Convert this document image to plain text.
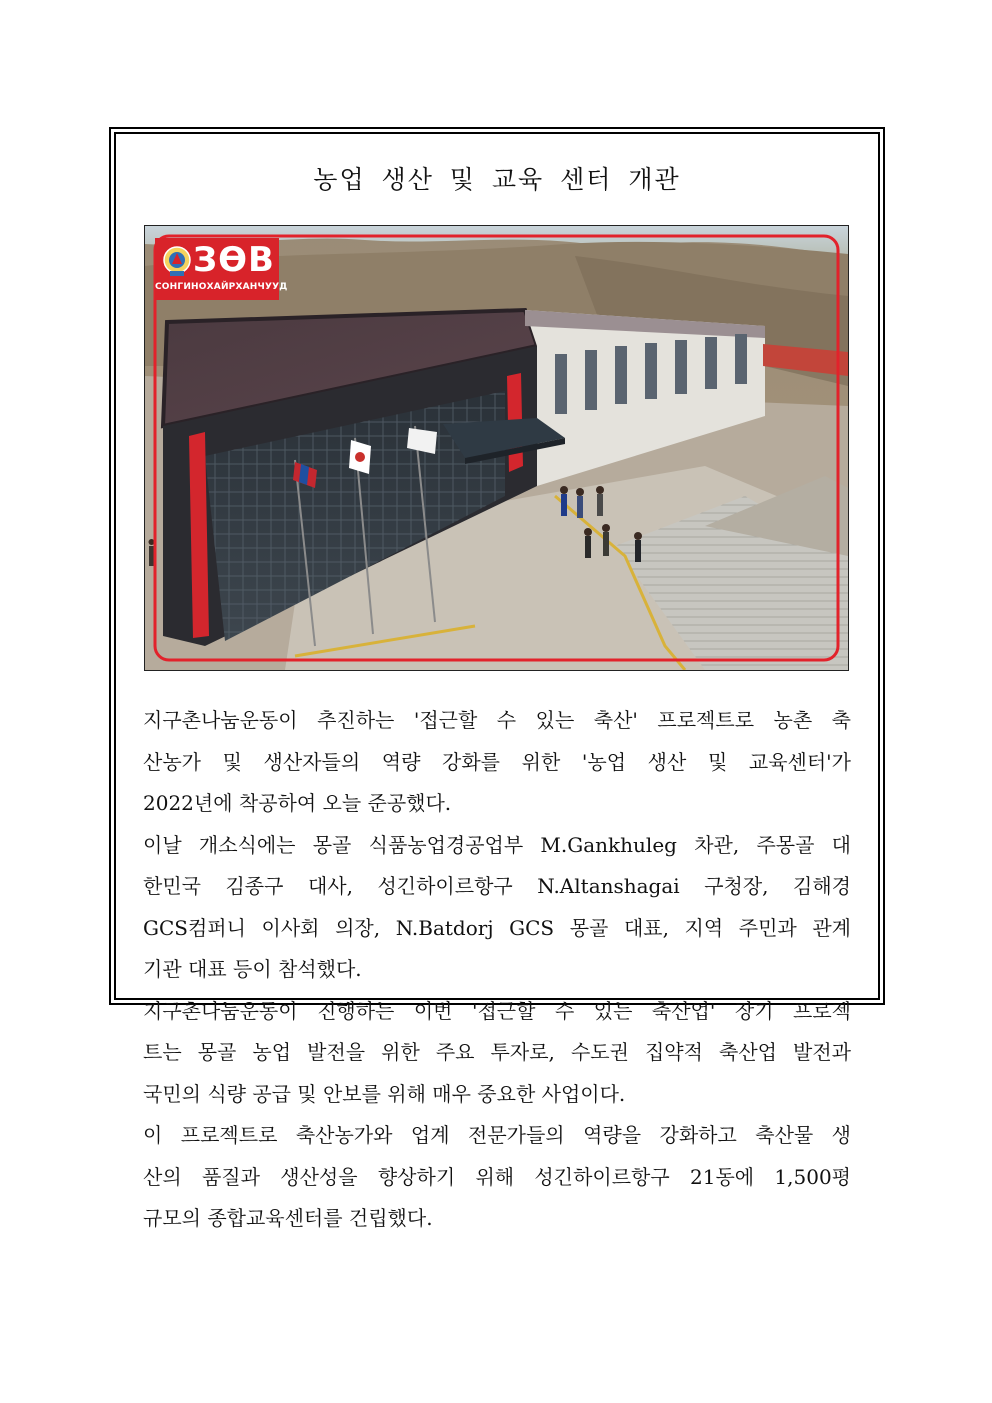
농업 생산 및 교육 센터 개관
ЗӨВ
СОНГИНОХАЙРХАНЧУУД

지구촌나눔운동이 추진하는 '접근할 수 있는 축산' 프로젝트로 농촌 축
산농가 및 생산자들의 역량 강화를 위한 '농업 생산 및 교육센터'가

2022년에 착공하여 오늘 준공했다.

이날 개소식에는 몽골 식품농업경공업부 M.Gankhuleg 차관, 주몽골 대
한민국 김종구 대사, 성긴하이르항구 N.Altanshagai 구청장, 김해경
GCS컴퍼니 이사회 의장, N.Batdorj GCS 몽골 대표, 지역 주민과 관계

기관 대표 등이 참석했다.

지구촌나눔운동이 진행하는 이번 '접근할 수 있는 축산업' 장기 프로젝
트는 몽골 농업 발전을 위한 주요 투자로, 수도권 집약적 축산업 발전과

국민의 식량 공급 및 안보를 위해 매우 중요한 사업이다.

이 프로젝트로 축산농가와 업계 전문가들의 역량을 강화하고 축산물 생
산의 품질과 생산성을 향상하기 위해 성긴하이르항구 21동에 1,500평

규모의 종합교육센터를 건립했다.
